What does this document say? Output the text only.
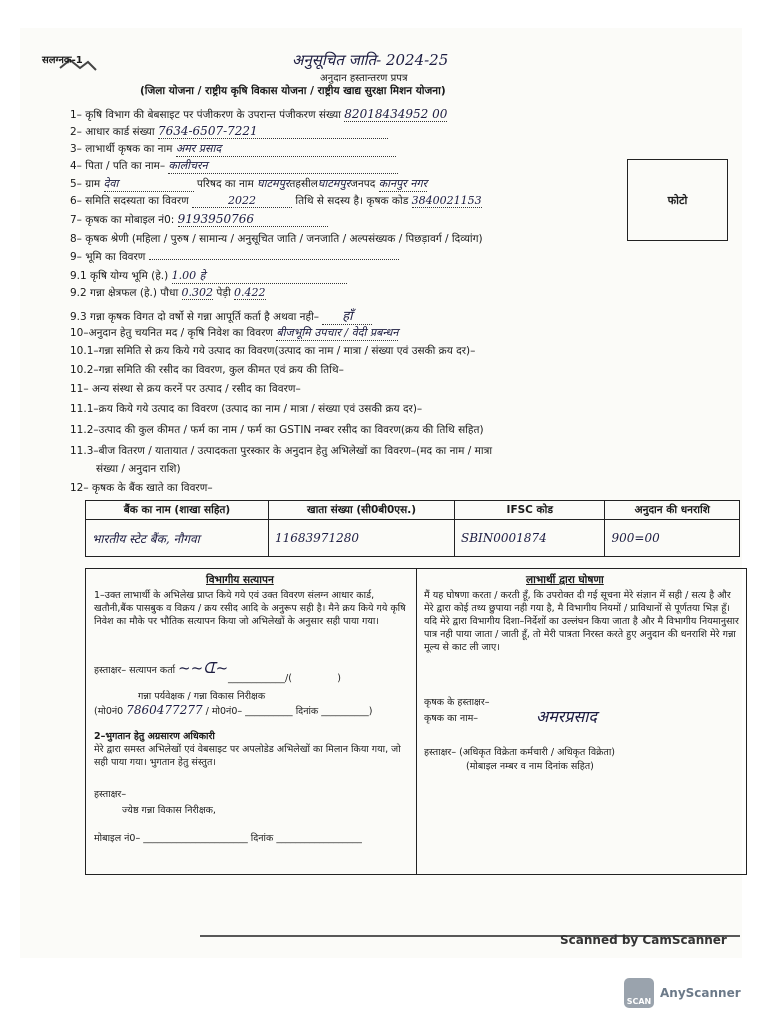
सलग्नक-1	अनुसूचित जाति- 2024-25
अनुदान हस्तान्तरण प्रपत्र
(जिला योजना / राष्ट्रीय कृषि विकास योजना / राष्ट्रीय खाद्य सुरक्षा मिशन योजना)
फोटो
1– कृषि विभाग की बेबसाइट पर पंजीकरण के उपरान्त पंजीकरण संख्या 82018434952 00
2– आधार कार्ड संख्या 7634-6507-7221
3– लाभार्थी कृषक का नाम अमर प्रसाद
4– पिता / पति का नाम– कालीचरन
5– ग्राम देवा	परिषद का नाम घाटमपुरतहसीलघाटमपुरजनपद कानपुर नगर
6– समिति सदस्यता का विवरण	2022	तिथि से सदस्य है। कृषक कोड 3840021153
7– कृषक का मोबाइल नं0: 9193950766
8– कृषक श्रेणी (महिला / पुरुष / सामान्य / अनुसूचित जाति / जनजाति / अल्पसंख्यक / पिछड़ावर्ग / दिव्यांग)
9– भूमि का विवरण
9.1 कृषि योग्य भूमि (हे.) 1.00 हे
9.2 गन्ना क्षेत्रफल (हे.) पौधा 0.302 पेड़ी 0.422
9.3 गन्ना कृषक विगत दो वर्षो से गन्ना आपूर्ति कर्ता है अथवा नही– हाँ
10–अनुदान हेतु चयनित मद / कृषि निवेश का विवरण बीजभूमि उपचार / वेदी प्रबन्धन
10.1–गन्ना समिति से क्रय किये गये उत्पाद का विवरण(उत्पाद का नाम / मात्रा / संख्या एवं उसकी क्रय दर)–
10.2–गन्ना समिति की रसीद का विवरण, कुल कीमत एवं क्रय की तिथि–
11– अन्य संस्था से क्रय करनें पर उत्पाद / रसीद का विवरण–
11.1–क्रय किये गये उत्पाद का विवरण (उत्पाद का नाम / मात्रा / संख्या एवं उसकी क्रय दर)–
11.2–उत्पाद की कुल कीमत / फर्म का नाम / फर्म का GSTIN नम्बर रसीद का विवरण(क्रय की तिथि सहित)
11.3–बीज वितरण / यातायात / उत्पादकता पुरस्कार के अनुदान हेतु अभिलेखों का विवरण–(मद का नाम / मात्रा
संख्या / अनुदान राशि)
12– कृषक के बैंक खाते का विवरण–
बैंक का नाम (शाखा सहित)	खाता संख्या (सी0बी0एस.)	IFSC कोड	अनुदान की धनराशि
भारतीय स्टेट बैंक, नौगवा	11683971280	SBIN0001874	900=00
विभागीय सत्यापन
1–उक्त लाभार्थी के अभिलेख प्राप्त किये गये एवं उक्त विवरण संलग्न आधार कार्ड, खतौनी,बैंक पासबुक व विक्रय / क्रय रसीद आदि के अनुरूप सही है। मैने क्रय किये गये कृषि निवेश का मौके पर भौतिक सत्यापन किया जो अभिलेखों के अनुसार सही पाया गया।
हस्ताक्षर– सत्यापन कर्ता ~~ᗭ~
____________/(               )
गन्ना पर्यवेक्षक / गन्ना विकास निरीक्षक
(मो0नं0 7860477277 / मो0नं0– __________ दिनांक __________)
2–भुगतान हेतु अग्रसारण अधिकारी
मेरे द्वारा समस्त अभिलेखों एवं वेबसाइट पर अपलोडेड अभिलेखों का मिलान किया गया, जो सही पाया गया। भुगतान हेतु संस्तुत।
हस्ताक्षर–
ज्येष्ठ गन्ना विकास निरीक्षक,
मोबाइल नं0– ______________________ दिनांक __________________
लाभार्थी द्वारा घोषणा
मैं यह घोषणा करता / करती हूँ, कि उपरोक्त दी गई सूचना मेरे संज्ञान में सही / सत्य है और मेरे द्वारा कोई तथ्य छुपाया नही गया है, मै विभागीय नियमों / प्राविधानों से पूर्णतया भिज्ञ हूँ। यदि मेरे द्वारा विभागीय दिशा–निर्देशों का उल्लंघन किया जाता है और मै विभागीय नियमानुसार पात्र नही पाया जाता / जाती हूँ, तो मेरी पात्रता निरस्त करते हुए अनुदान की धनराशि मेरे गन्ना मूल्य से काट ली जाए।
कृषक के हस्ताक्षर–
कृषक का नाम–	अमरप्रसाद
हस्ताक्षर– (अधिकृत विक्रेता कर्मचारी / अधिकृत विक्रेता)
(मोबाइल नम्बर व नाम दिनांक सहित)
Scanned by CamScanner
SCAN
AnyScanner
